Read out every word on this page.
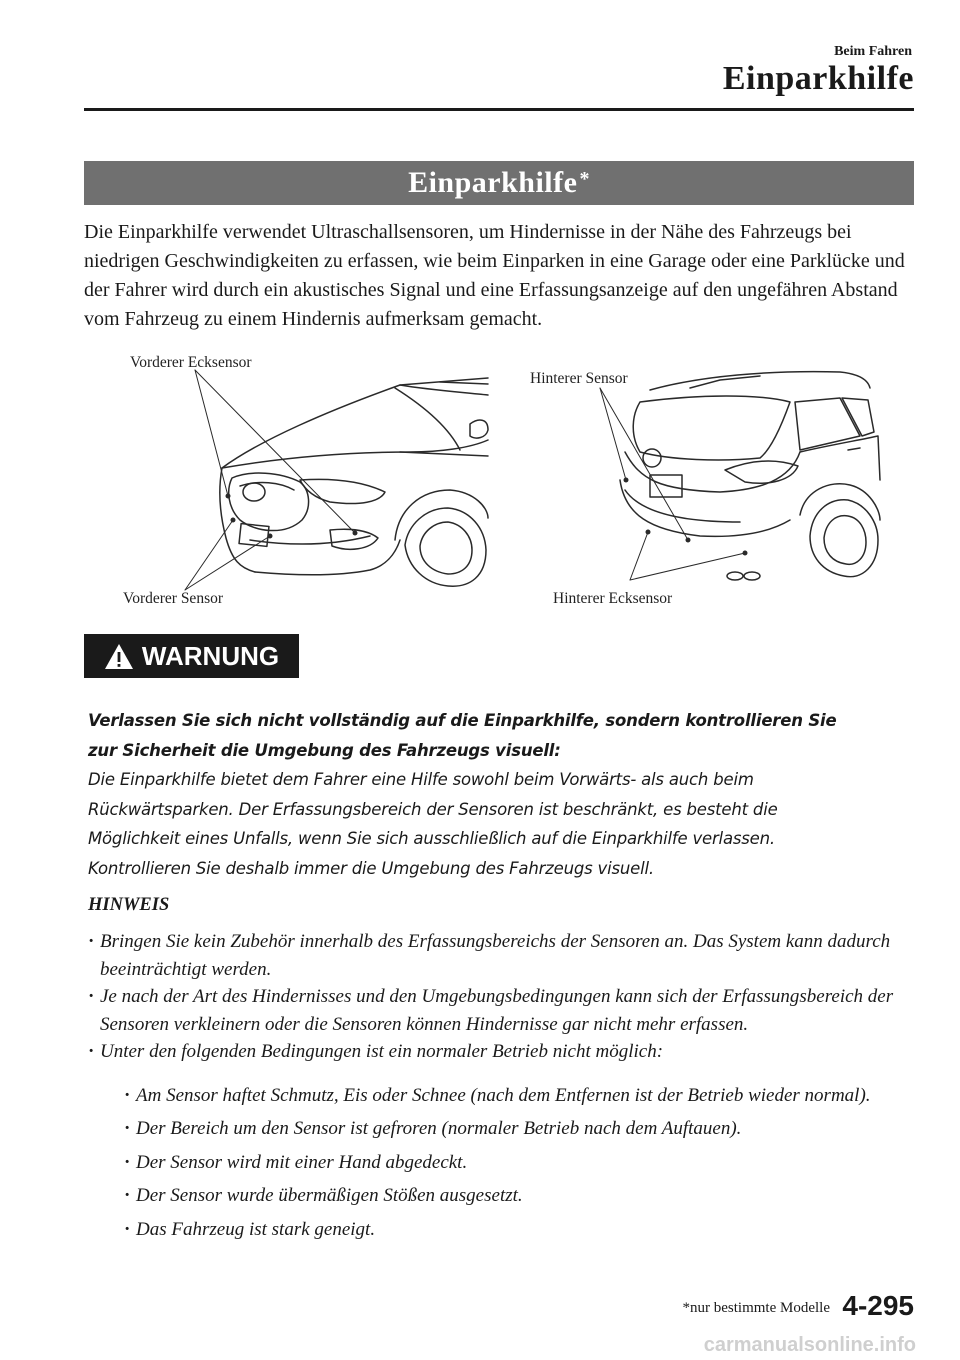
Beim Fahren
Einparkhilfe
Einparkhilfe*

Die Einparkhilfe verwendet Ultraschallsensoren, um Hindernisse in der Nähe des Fahrzeugs bei niedrigen Geschwindigkeiten zu erfassen, wie beim Einparken in eine Garage oder eine Parklücke und der Fahrer wird durch ein akustisches Signal und eine Erfassungsanzeige auf den ungefähren Abstand vom Fahrzeug zu einem Hindernis aufmerksam gemacht.

Vorderer Ecksensor
Vorderer Sensor
Hinterer Sensor
Hinterer Ecksensor
WARNUNG

Verlassen Sie sich nicht vollständig auf die Einparkhilfe, sondern kontrollieren Sie zur Sicherheit die Umgebung des Fahrzeugs visuell:
Die Einparkhilfe bietet dem Fahrer eine Hilfe sowohl beim Vorwärts- als auch beim Rückwärtsparken. Der Erfassungsbereich der Sensoren ist beschränkt, es besteht die Möglichkeit eines Unfalls, wenn Sie sich ausschließlich auf die Einparkhilfe verlassen. Kontrollieren Sie deshalb immer die Umgebung des Fahrzeugs visuell.

HINWEIS

· Bringen Sie kein Zubehör innerhalb des Erfassungsbereichs der Sensoren an. Das System kann dadurch beeinträchtigt werden.
· Je nach der Art des Hindernisses und den Umgebungsbedingungen kann sich der Erfassungsbereich der Sensoren verkleinern oder die Sensoren können Hindernisse gar nicht mehr erfassen.
· Unter den folgenden Bedingungen ist ein normaler Betrieb nicht möglich:
· Am Sensor haftet Schmutz, Eis oder Schnee (nach dem Entfernen ist der Betrieb wieder normal).
· Der Bereich um den Sensor ist gefroren (normaler Betrieb nach dem Auftauen).
· Der Sensor wird mit einer Hand abgedeckt.
· Der Sensor wurde übermäßigen Stößen ausgesetzt.
· Das Fahrzeug ist stark geneigt.
*nur bestimmte Modelle 4-295
carmanualsonline.info
